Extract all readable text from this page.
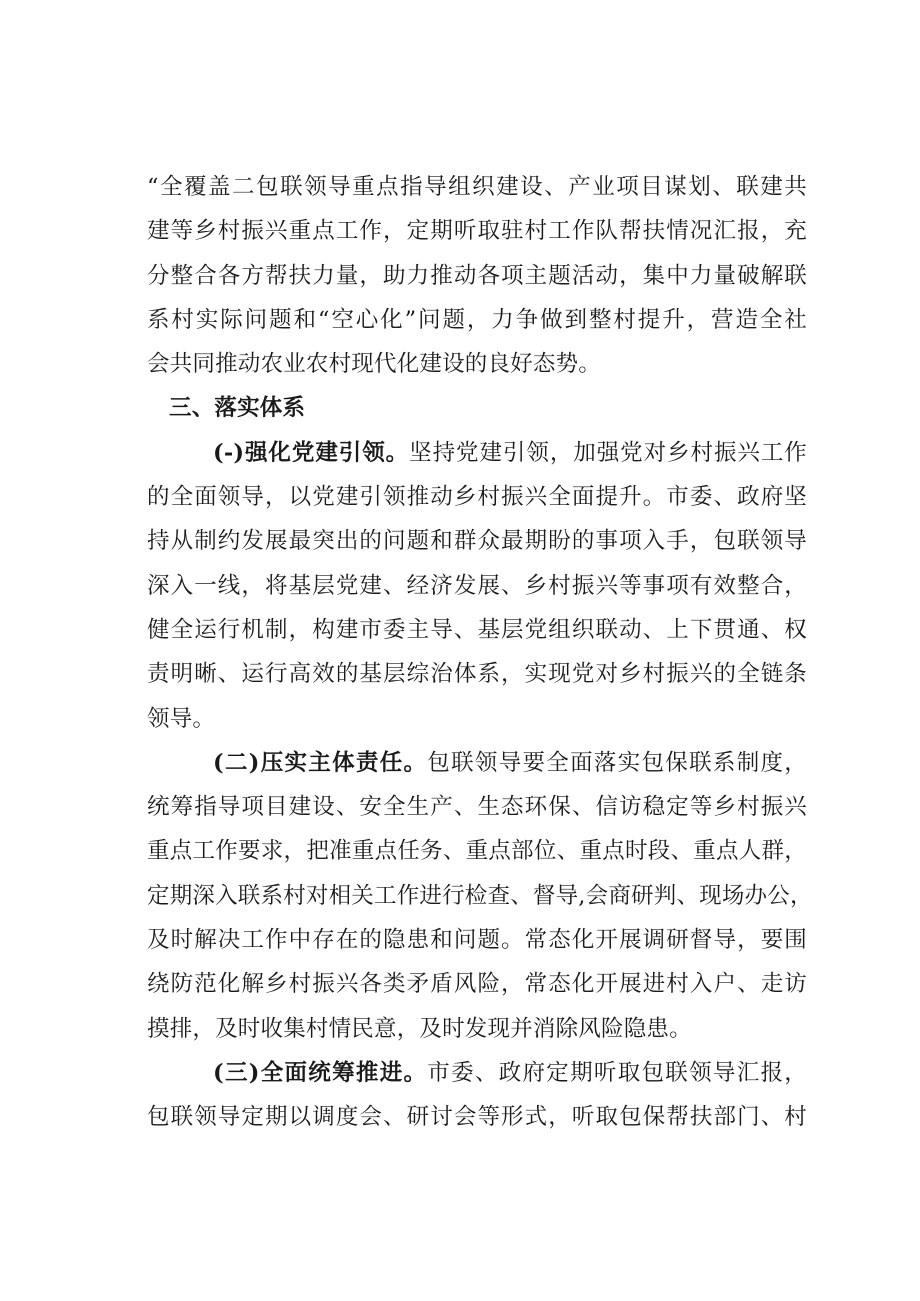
“全覆盖二包联领导重点指导组织建设、产业项目谋划、联建共
建等乡村振兴重点工作，定期听取驻村工作队帮扶情况汇报，充
分整合各方帮扶力量，助力推动各项主题活动，集中力量破解联
系村实际问题和“空心化”问题，力争做到整村提升，营造全社
会共同推动农业农村现代化建设的良好态势。
三、落实体系
(-)强化党建引领。坚持党建引领，加强党对乡村振兴工作
的全面领导，以党建引领推动乡村振兴全面提升。市委、政府坚
持从制约发展最突出的问题和群众最期盼的事项入手，包联领导
深入一线，将基层党建、经济发展、乡村振兴等事项有效整合，
健全运行机制，构建市委主导、基层党组织联动、上下贯通、权
责明晰、运行高效的基层综治体系，实现党对乡村振兴的全链条
领导。
(二)压实主体责任。包联领导要全面落实包保联系制度，
统筹指导项目建设、安全生产、生态环保、信访稳定等乡村振兴
重点工作要求，把准重点任务、重点部位、重点时段、重点人群，
定期深入联系村对相关工作进行检查、督导,会商研判、现场办公，
及时解决工作中存在的隐患和问题。常态化开展调研督导，要围
绕防范化解乡村振兴各类矛盾风险，常态化开展进村入户、走访
摸排，及时收集村情民意，及时发现并消除风险隐患。
(三)全面统筹推进。市委、政府定期听取包联领导汇报，
包联领导定期以调度会、研讨会等形式，听取包保帮扶部门、村
